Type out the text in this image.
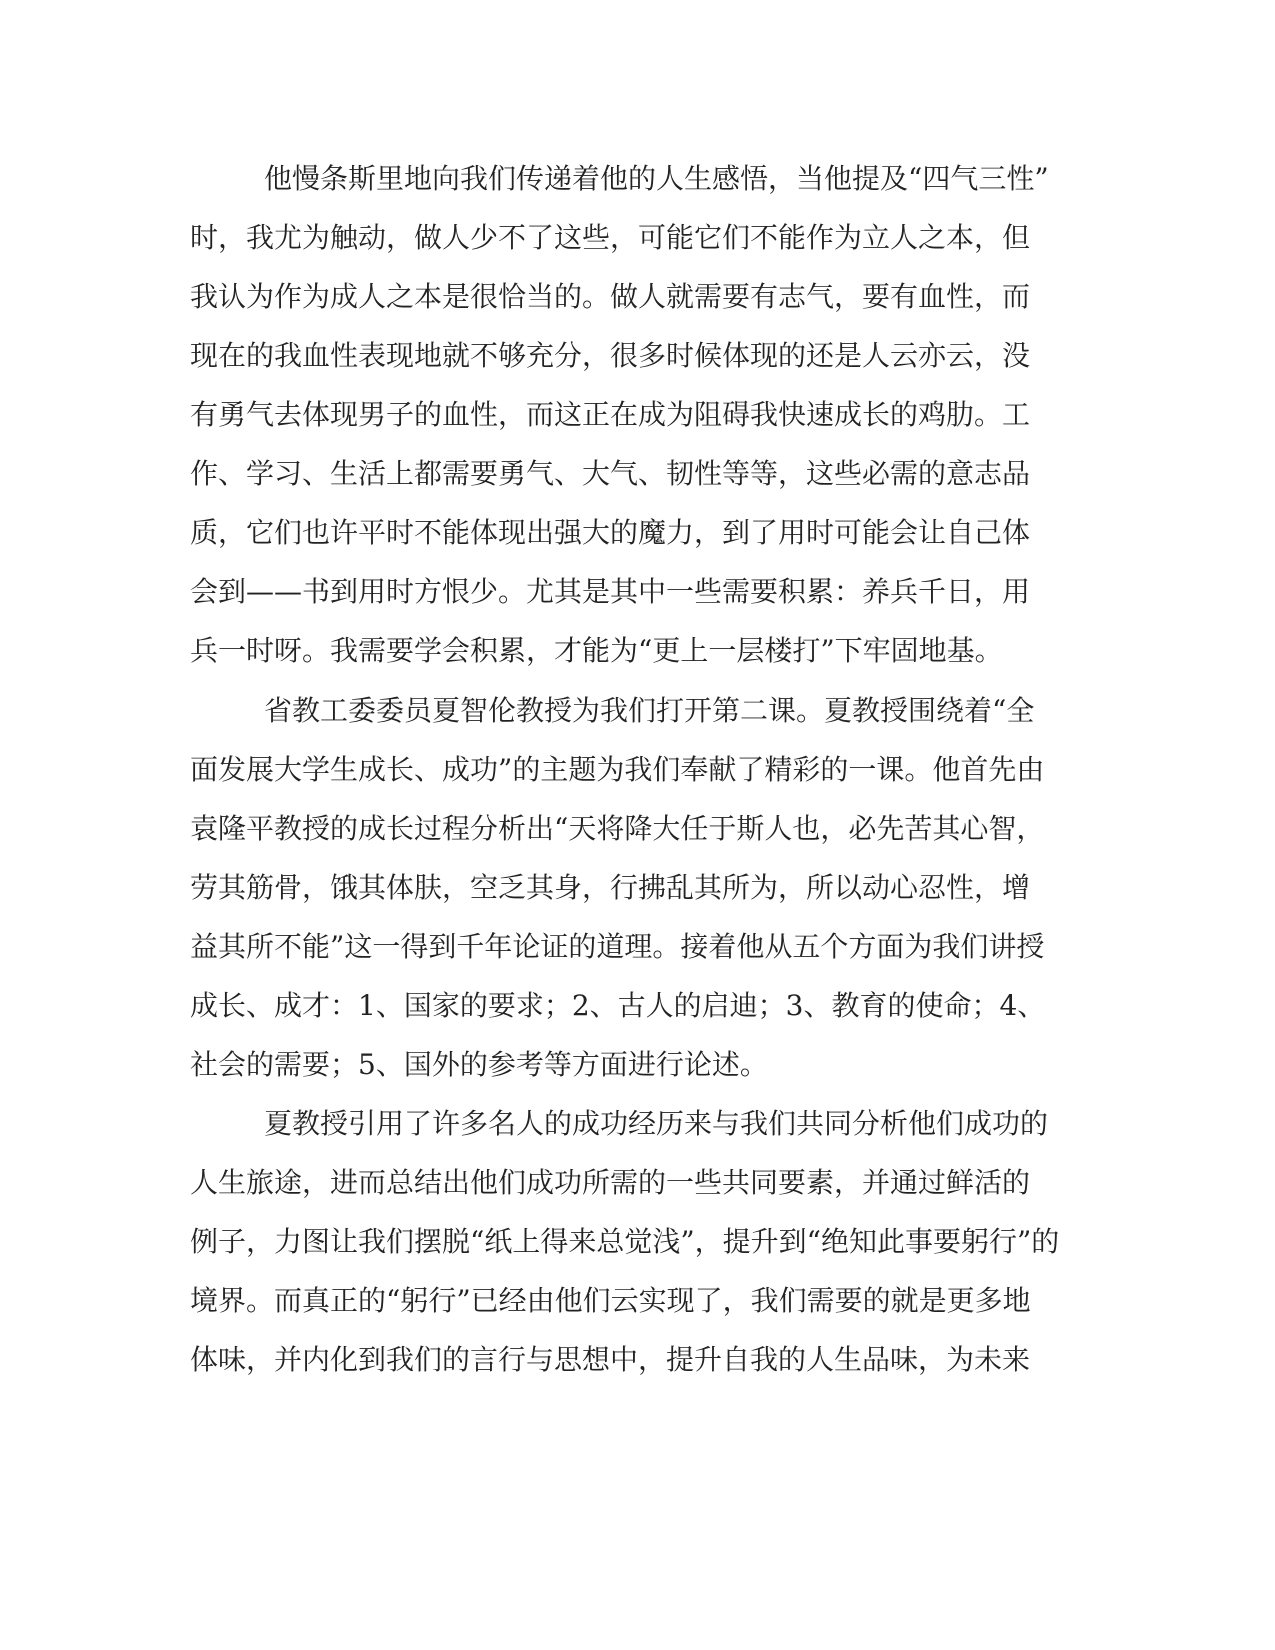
他慢条斯里地向我们传递着他的人生感悟，当他提及“四气三性”
时，我尤为触动，做人少不了这些，可能它们不能作为立人之本，但
我认为作为成人之本是很恰当的。做人就需要有志气，要有血性，而
现在的我血性表现地就不够充分，很多时候体现的还是人云亦云，没
有勇气去体现男子的血性，而这正在成为阻碍我快速成长的鸡肋。工
作、学习、生活上都需要勇气、大气、韧性等等，这些必需的意志品
质，它们也许平时不能体现出强大的魔力，到了用时可能会让自己体
会到——书到用时方恨少。尤其是其中一些需要积累：养兵千日，用
兵一时呀。我需要学会积累，才能为“更上一层楼打”下牢固地基。
省教工委委员夏智伦教授为我们打开第二课。夏教授围绕着“全
面发展大学生成长、成功”的主题为我们奉献了精彩的一课。他首先由
袁隆平教授的成长过程分析出“天将降大任于斯人也，必先苦其心智，
劳其筋骨，饿其体肤，空乏其身，行拂乱其所为，所以动心忍性，增
益其所不能”这一得到千年论证的道理。接着他从五个方面为我们讲授
成长、成才：1、国家的要求；2、古人的启迪；3、教育的使命；4、
社会的需要；5、国外的参考等方面进行论述。
夏教授引用了许多名人的成功经历来与我们共同分析他们成功的
人生旅途，进而总结出他们成功所需的一些共同要素，并通过鲜活的
例子，力图让我们摆脱“纸上得来总觉浅”，提升到“绝知此事要躬行”的
境界。而真正的“躬行”已经由他们云实现了，我们需要的就是更多地
体味，并内化到我们的言行与思想中，提升自我的人生品味，为未来
